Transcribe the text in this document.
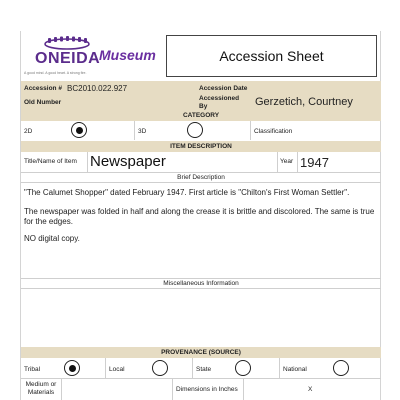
ONEIDA
A good mind. A good heart. A strong fire.
Museum	Accession Sheet
Accession # BC2010.022.927	Accession Date
Old Number
Accessioned By	Gerzetich, Courtney
CATEGORY
2D	3D	Classification
ITEM DESCRIPTION
Title/Name of Item Newspaper	Year 1947
Brief Description
"The Calumet Shopper" dated February 1947. First article is "Chilton's First Woman Settler".
The newspaper was folded in half and along the crease it is brittle and discolored. The same is true for the edges.
NO digital copy.
Miscellaneous Information
PROVENANCE (SOURCE)
Tribal	Local	State	National
Medium or Materials	Dimensions in Inches	X
